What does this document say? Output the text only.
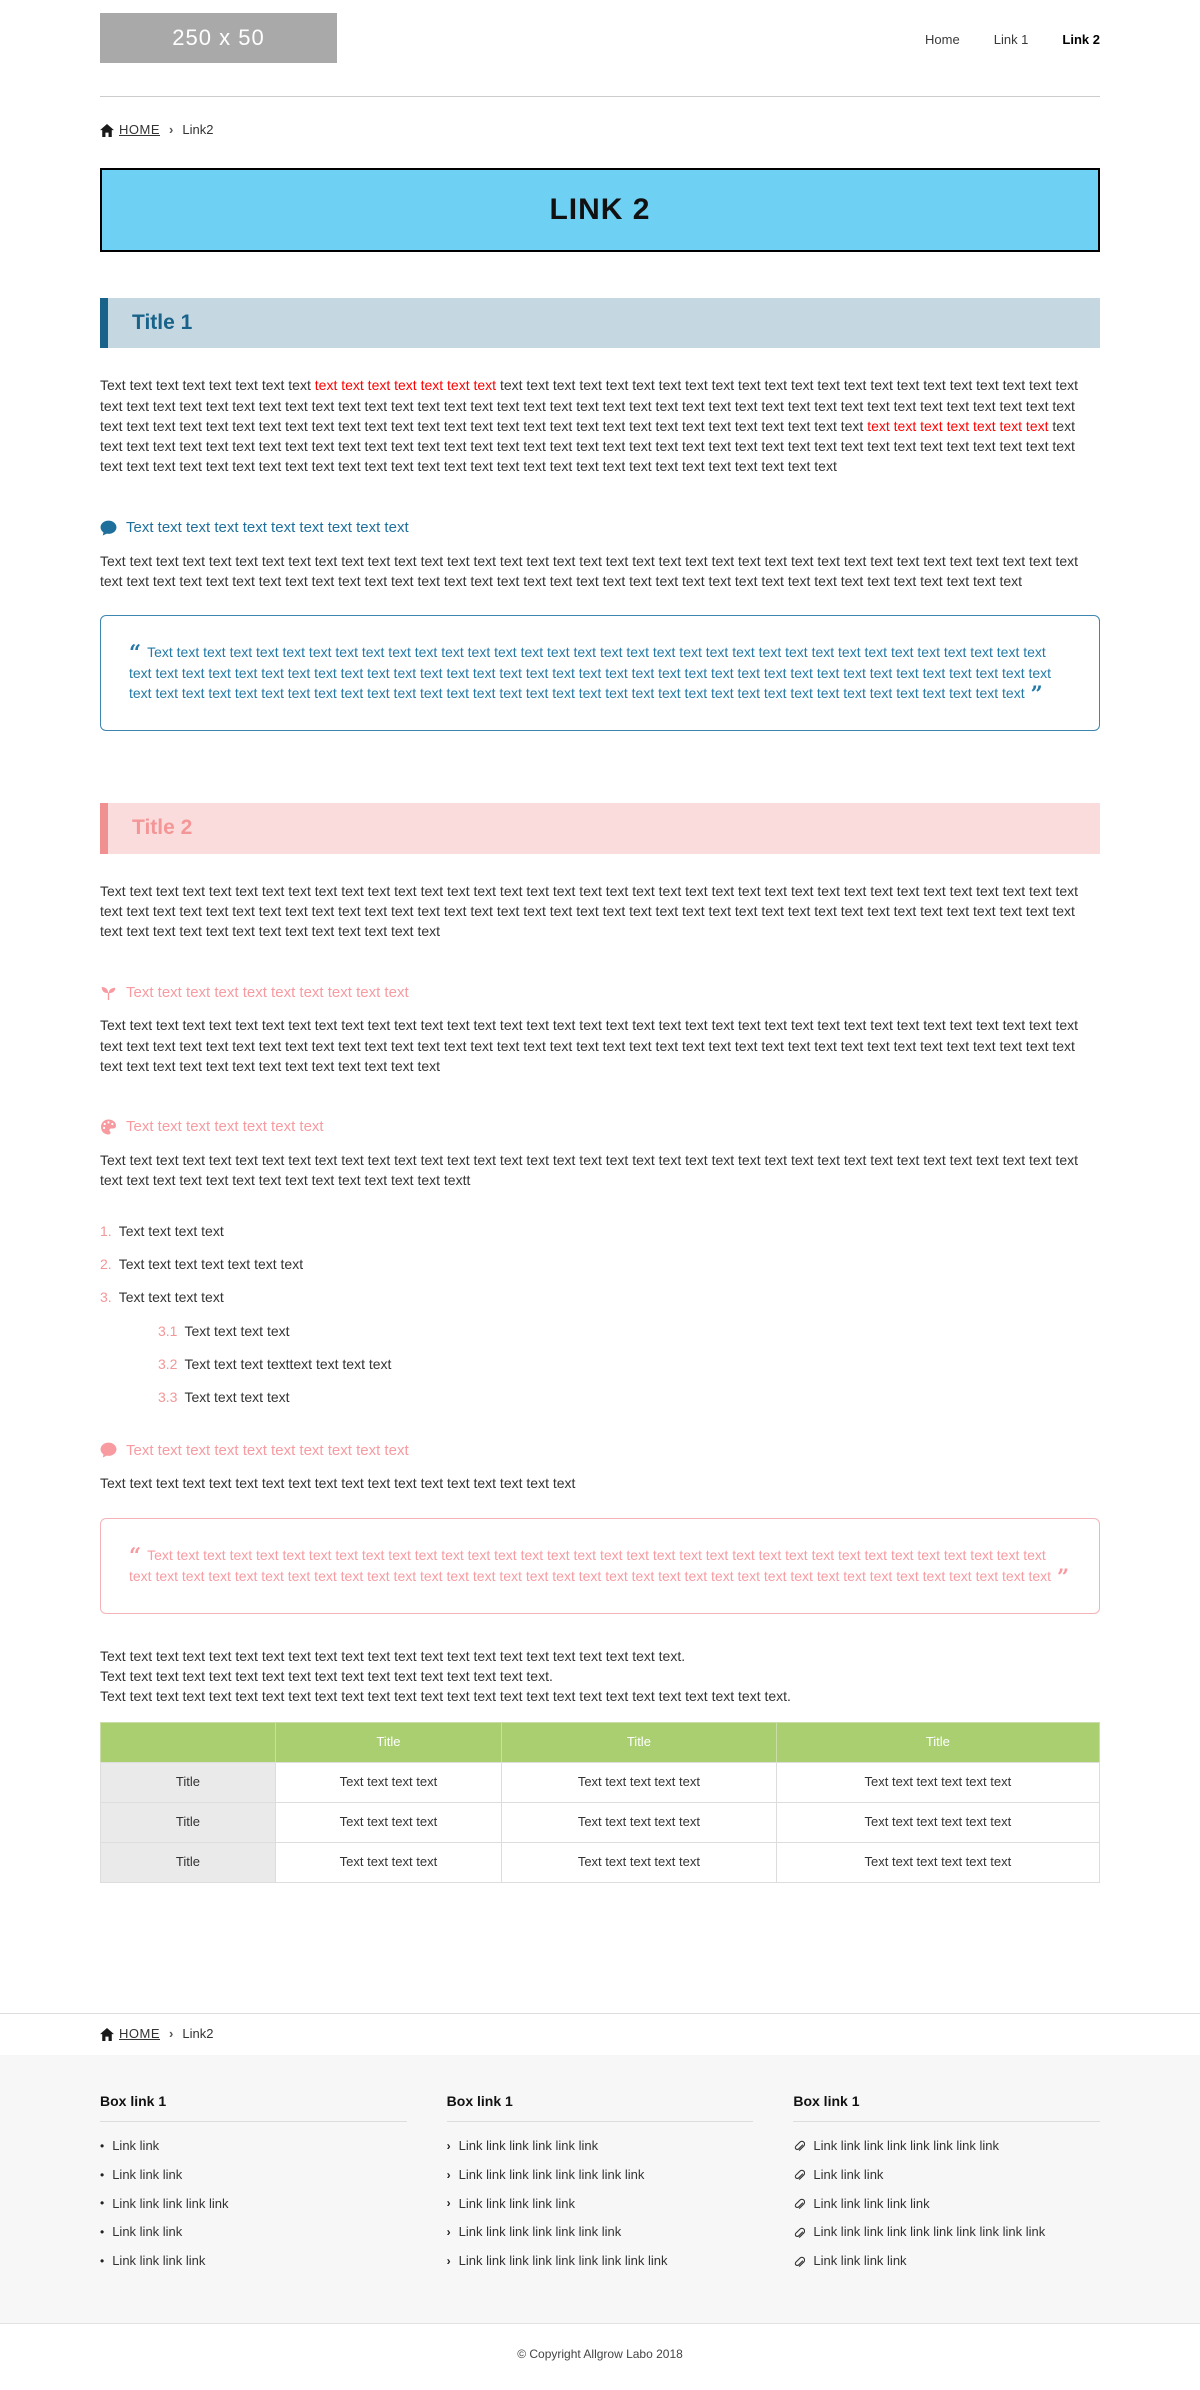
250 x 50	Home	Link 1	Link 2
HOME › Link2
LINK 2
Title 1

Text text text text text text text text text text text text text text text text text text text text text text text text text text text text text text text text text text text text text text text text text text text text text text text text text text text text text text text text text text text text text text text text text text text text text text text text text text text text text text text text text text text text text text text text text text text text text text text text text text text text text text text text text text text text text text text text text text text text text text text text text text text text text text text text text text text text text text text text text text text text text text text text text text text text text text text text text text text text text text text text text text text text text text text text text text text text text text text text

Text text text text text text text text text text

Text text text text text text text text text text text text text text text text text text text text text text text text text text text text text text text text text text text text text text text text text text text text text text text text text text text text text text text text text text text text text text text text text text text text text text text text

“ Text text text text text text text text text text text text text text text text text text text text text text text text text text text text text text text text text text text text text text text text text text text text text text text text text text text text text text text text text text text text text text text text text text text text text text text text text text text text text text text text text text text text text text text text text text text text text text text text text text text text text text text ”
Title 2

Text text text text text text text text text text text text text text text text text text text text text text text text text text text text text text text text text text text text text text text text text text text text text text text text text text text text text text text text text text text text text text text text text text text text text text text text text text text text text text text text text text text text text text text

Text text text text text text text text text text

Text text text text text text text text text text text text text text text text text text text text text text text text text text text text text text text text text text text text text text text text text text text text text text text text text text text text text text text text text text text text text text text text text text text text text text text text text text text text text text text text text text text text text text text

Text text text text text text text

Text text text text text text text text text text text text text text text text text text text text text text text text text text text text text text text text text text text text text text text text text text text text text text text text text text textt

1. Text text text text
2. Text text text text text text text
3. Text text text text
3.1 Text text text text
3.2 Text text text texttext text text text
3.3 Text text text text
Text text text text text text text text text text

Text text text text text text text text text text text text text text text text text text

“ Text text text text text text text text text text text text text text text text text text text text text text text text text text text text text text text text text text text text text text text text text text text text text text text text text text text text text text text text text text text text text text text text text text text text text ”

Text text text text text text text text text text text text text text text text text text text text text text.
Text text text text text text text text text text text text text text text text text.
Text text text text text text text text text text text text text text text text text text text text text text text text text text.

	Title	Title	Title
Title	Text text text text	Text text text text text	Text text text text text text
Title	Text text text text	Text text text text text	Text text text text text text
Title	Text text text text	Text text text text text	Text text text text text text
HOME › Link2
Box link 1
• Link link
• Link link link
• Link link link link link
• Link link link
• Link link link link
Box link 1
› Link link link link link link
› Link link link link link link link link
› Link link link link link
› Link link link link link link link
› Link link link link link link link link link
Box link 1
Link link link link link link link link
Link link link
Link link link link link
Link link link link link link link link link link
Link link link link
© Copyright Allgrow Labo 2018
